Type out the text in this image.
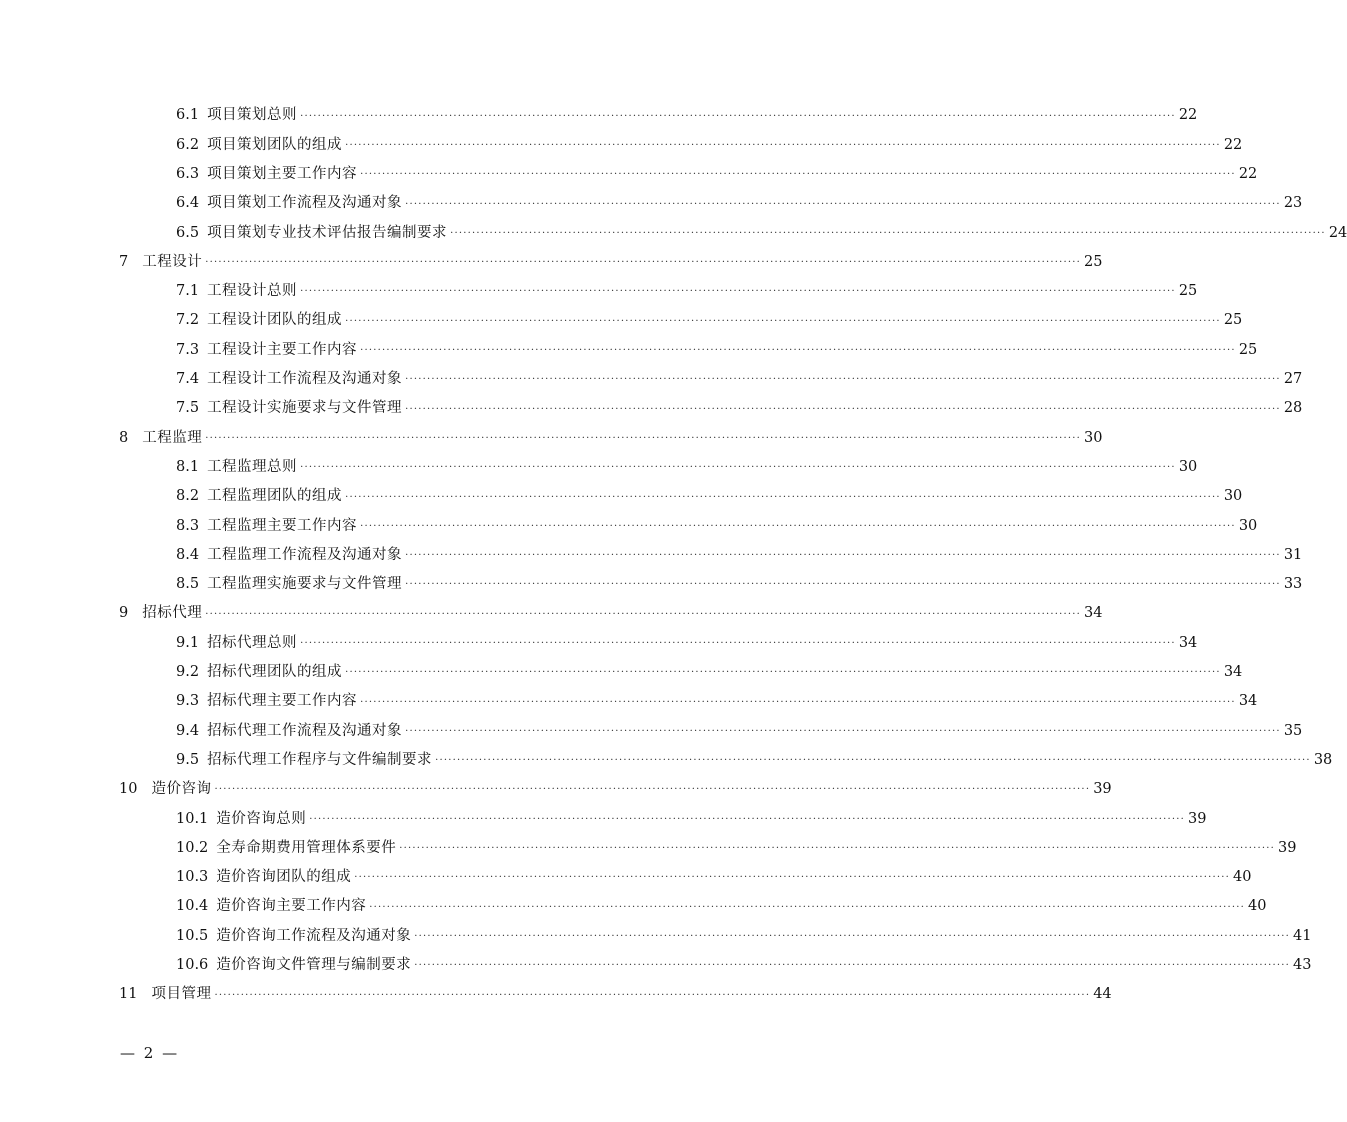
6.1 项目策划总则 ········································································································································································································ 22
6.2 项目策划团队的组成 ········································································································································································································ 22
6.3 项目策划主要工作内容 ········································································································································································································ 22
6.4 项目策划工作流程及沟通对象 ········································································································································································································ 23
6.5 项目策划专业技术评估报告编制要求 ········································································································································································································ 24
7 工程设计 ········································································································································································································ 25
7.1 工程设计总则 ········································································································································································································ 25
7.2 工程设计团队的组成 ········································································································································································································ 25
7.3 工程设计主要工作内容 ········································································································································································································ 25
7.4 工程设计工作流程及沟通对象 ········································································································································································································ 27
7.5 工程设计实施要求与文件管理 ········································································································································································································ 28
8 工程监理 ········································································································································································································ 30
8.1 工程监理总则 ········································································································································································································ 30
8.2 工程监理团队的组成 ········································································································································································································ 30
8.3 工程监理主要工作内容 ········································································································································································································ 30
8.4 工程监理工作流程及沟通对象 ········································································································································································································ 31
8.5 工程监理实施要求与文件管理 ········································································································································································································ 33
9 招标代理 ········································································································································································································ 34
9.1 招标代理总则 ········································································································································································································ 34
9.2 招标代理团队的组成 ········································································································································································································ 34
9.3 招标代理主要工作内容 ········································································································································································································ 34
9.4 招标代理工作流程及沟通对象 ········································································································································································································ 35
9.5 招标代理工作程序与文件编制要求 ········································································································································································································ 38
10 造价咨询 ········································································································································································································ 39
10.1 造价咨询总则 ········································································································································································································ 39
10.2 全寿命期费用管理体系要件 ········································································································································································································ 39
10.3 造价咨询团队的组成 ········································································································································································································ 40
10.4 造价咨询主要工作内容 ········································································································································································································ 40
10.5 造价咨询工作流程及沟通对象 ········································································································································································································ 41
10.6 造价咨询文件管理与编制要求 ········································································································································································································ 43
11 项目管理 ········································································································································································································ 44
— 2 —
